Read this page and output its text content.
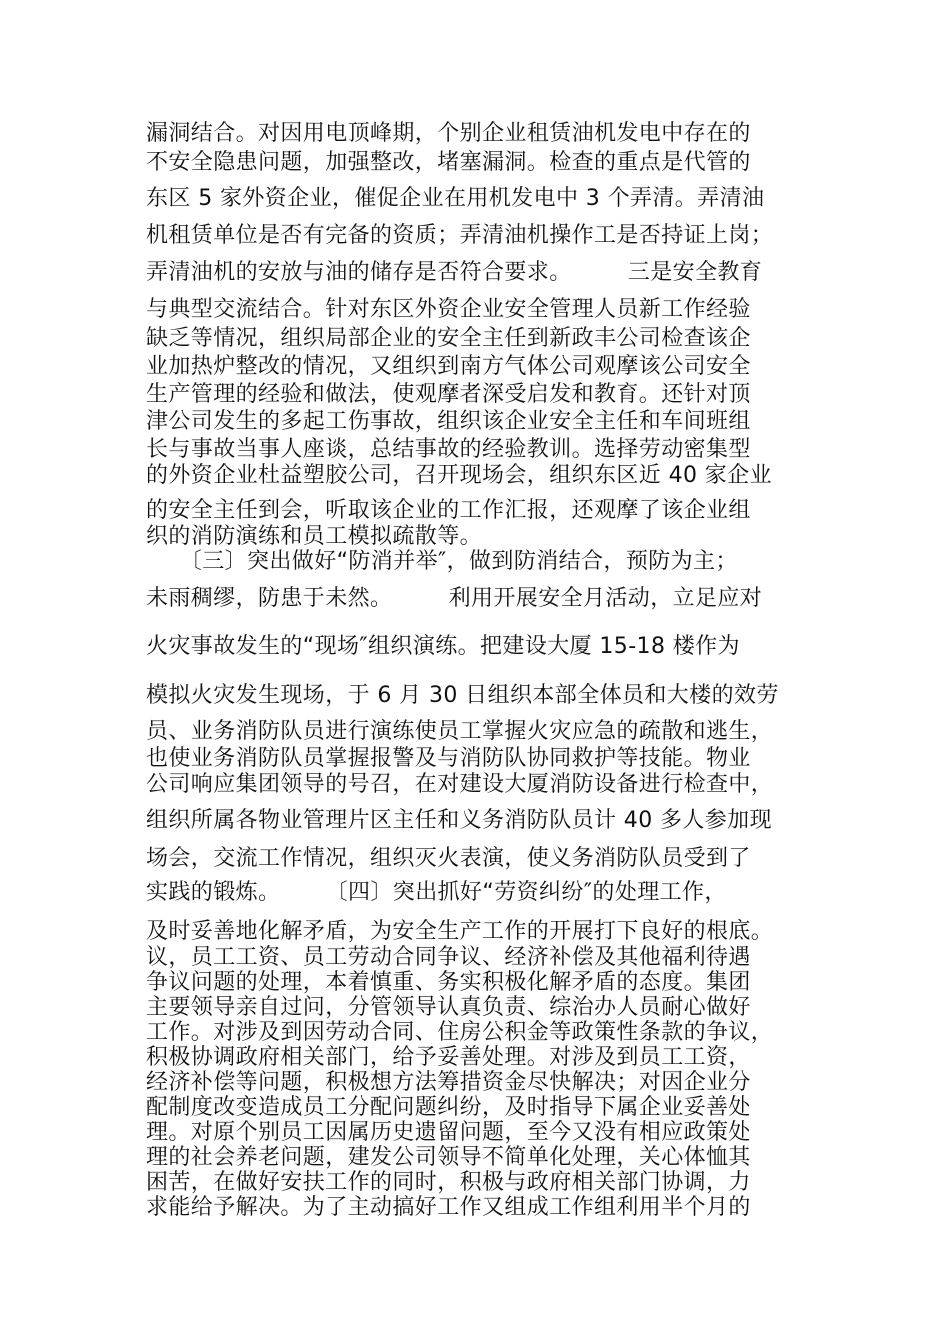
漏洞结合。对因用电顶峰期，个别企业租赁油机发电中存在的
不安全隐患问题，加强整改，堵塞漏洞。检查的重点是代管的
东区 5 家外资企业，催促企业在用机发电中 3 个弄清。弄清油
机租赁单位是否有完备的资质；弄清油机操作工是否持证上岗；
弄清油机的安放与油的储存是否符合要求。　　　三是安全教育
与典型交流结合。针对东区外资企业安全管理人员新工作经验
缺乏等情况，组织局部企业的安全主任到新政丰公司检查该企
业加热炉整改的情况，又组织到南方气体公司观摩该公司安全
生产管理的经验和做法，使观摩者深受启发和教育。还针对顶
津公司发生的多起工伤事故，组织该企业安全主任和车间班组
长与事故当事人座谈，总结事故的经验教训。选择劳动密集型
的外资企业杜益塑胶公司，召开现场会，组织东区近 40 家企业
的安全主任到会，听取该企业的工作汇报，还观摩了该企业组
织的消防演练和员工模拟疏散等。
　　〔三〕突出做好“防消并举″，做到防消结合，预防为主；
未雨稠缪，防患于未然。　　　利用开展安全月活动，立足应对
火灾事故发生的“现场″组织演练。把建设大厦 15-18 楼作为
模拟火灾发生现场，于 6 月 30 日组织本部全体员和大楼的效劳
员、业务消防队员进行演练使员工掌握火灾应急的疏散和逃生，
也使业务消防队员掌握报警及与消防队协同救护等技能。物业
公司响应集团领导的号召，在对建设大厦消防设备进行检查中，
组织所属各物业管理片区主任和义务消防队员计 40 多人参加现
场会，交流工作情况，组织灭火表演，使义务消防队员受到了
实践的锻炼。　　　〔四〕突出抓好“劳资纠纷″的处理工作，
及时妥善地化解矛盾，为安全生产工作的开展打下良好的根底。
议，员工工资、员工劳动合同争议、经济补偿及其他福利待遇
争议问题的处理，本着慎重、务实积极化解矛盾的态度。集团
主要领导亲自过问，分管领导认真负责、综治办人员耐心做好
工作。对涉及到因劳动合同、住房公积金等政策性条款的争议，
积极协调政府相关部门，给予妥善处理。对涉及到员工工资，
经济补偿等问题，积极想方法筹措资金尽快解决；对因企业分
配制度改变造成员工分配问题纠纷，及时指导下属企业妥善处
理。对原个别员工因属历史遗留问题，至今又没有相应政策处
理的社会养老问题，建发公司领导不简单化处理，关心体恤其
困苦，在做好安扶工作的同时，积极与政府相关部门协调，力
求能给予解决。为了主动搞好工作又组成工作组利用半个月的
